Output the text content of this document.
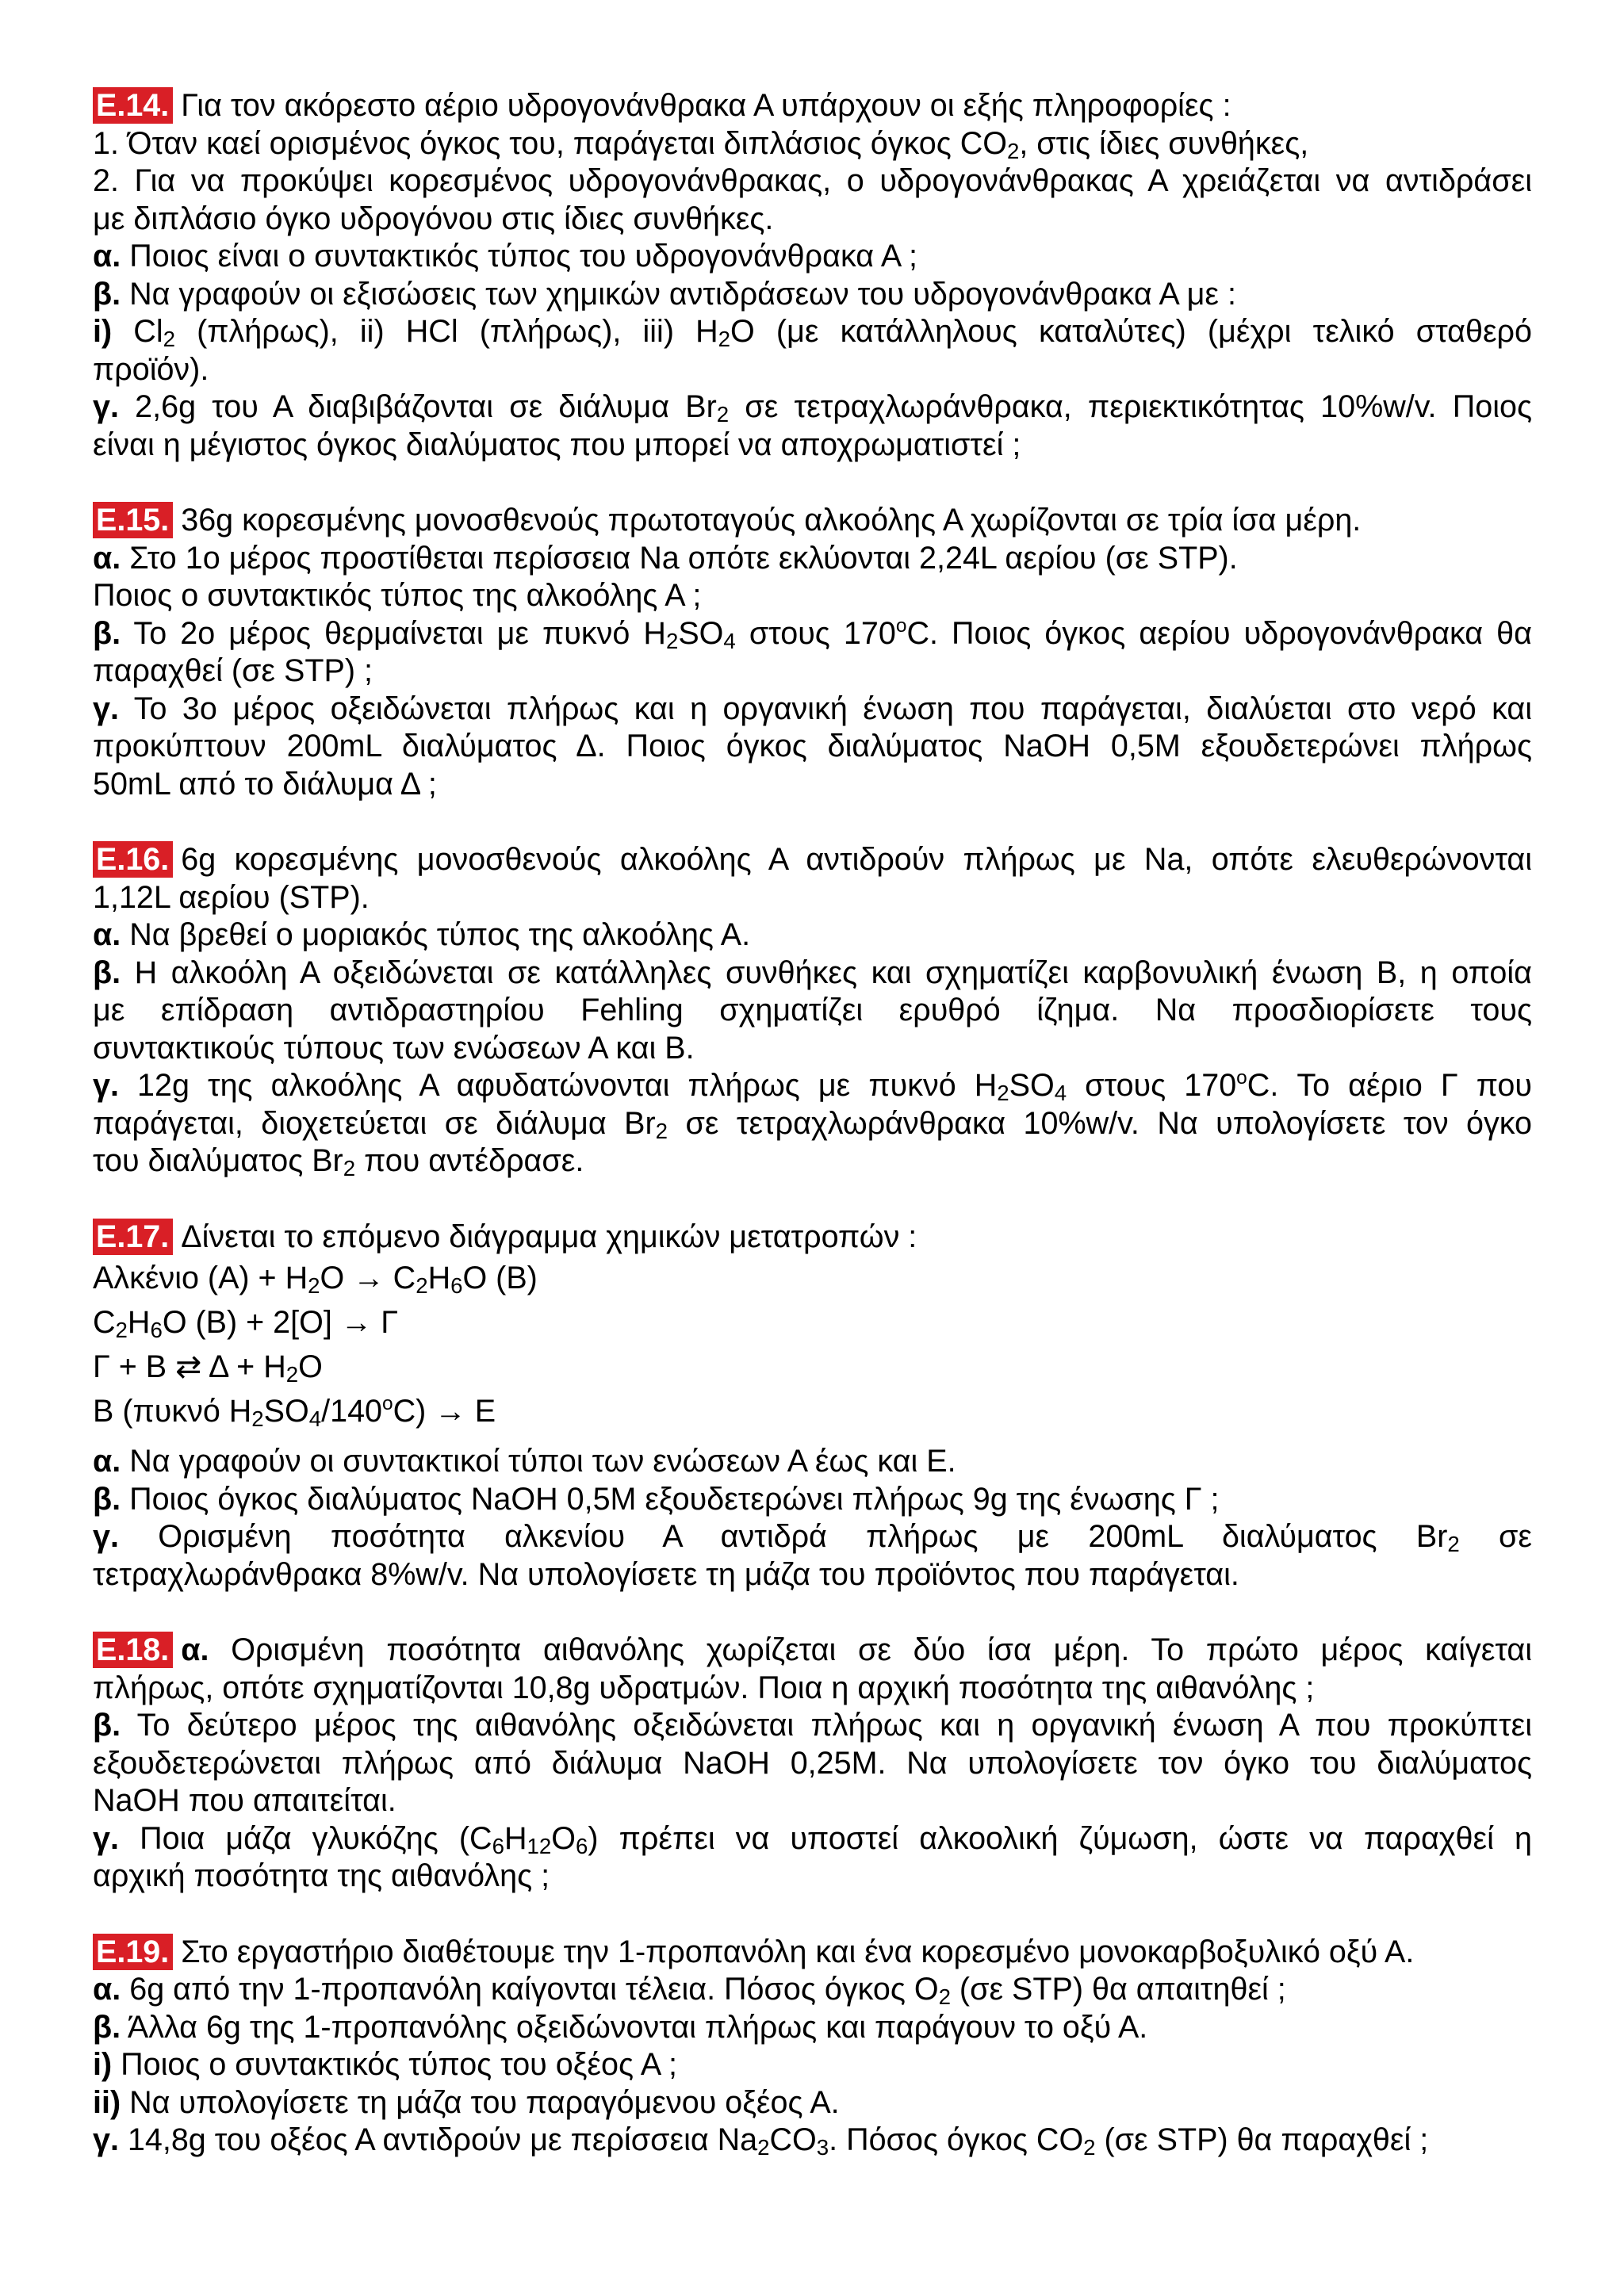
E.14. Για τον ακόρεστο αέριο υδρογονάνθρακα Α υπάρχουν οι εξής πληροφορίες :
1. Όταν καεί ορισμένος όγκος του, παράγεται διπλάσιος όγκος $CO_2$, στις ίδιες συνθήκες,
2. Για να προκύψει κορεσμένος υδρογονάνθρακας, ο υδρογονάνθρακας Α χρειάζεται να αντιδράσει
με διπλάσιο όγκο υδρογόνου στις ίδιες συνθήκες.
α. Ποιος είναι ο συντακτικός τύπος του υδρογονάνθρακα Α ;
β. Να γραφούν οι εξισώσεις των χημικών αντιδράσεων του υδρογονάνθρακα Α με :
i) $Cl_2$ (πλήρως), ii) HCl (πλήρως), iii) $H_2O$ (με κατάλληλους καταλύτες) (μέχρι τελικό σταθερό
προϊόν).
γ. 2,6g του Α διαβιβάζονται σε διάλυμα $Br_2$ σε τετραχλωράνθρακα, περιεκτικότητας 10%w/v. Ποιος
είναι η μέγιστος όγκος διαλύματος που μπορεί να αποχρωματιστεί ;
E.15. 36g κορεσμένης μονοσθενούς πρωτοταγούς αλκοόλης Α χωρίζονται σε τρία ίσα μέρη.
α. Στο 1ο μέρος προστίθεται περίσσεια Na οπότε εκλύονται 2,24L αερίου (σε STP).
Ποιος ο συντακτικός τύπος της αλκοόλης Α ;
β. Το 2ο μέρος θερμαίνεται με πυκνό $H_2SO_4$ στους 170$^o$C. Ποιος όγκος αερίου υδρογονάνθρακα θα
παραχθεί (σε STP) ;
γ. Το 3ο μέρος οξειδώνεται πλήρως και η οργανική ένωση που παράγεται, διαλύεται στο νερό και
προκύπτουν 200mL διαλύματος Δ. Ποιος όγκος διαλύματος NaOH 0,5M εξουδετερώνει πλήρως
50mL από το διάλυμα Δ ;
E.16. 6g κορεσμένης μονοσθενούς αλκοόλης Α αντιδρούν πλήρως με Na, οπότε ελευθερώνονται
1,12L αερίου (STP).
α. Να βρεθεί ο μοριακός τύπος της αλκοόλης Α.
β. Η αλκοόλη Α οξειδώνεται σε κατάλληλες συνθήκες και σχηματίζει καρβονυλική ένωση Β, η οποία
με επίδραση αντιδραστηρίου Fehling σχηματίζει ερυθρό ίζημα. Να προσδιορίσετε τους
συντακτικούς τύπους των ενώσεων Α και Β.
γ. 12g της αλκοόλης Α αφυδατώνονται πλήρως με πυκνό $H_2SO_4$ στους 170$^o$C. Το αέριο Γ που
παράγεται, διοχετεύεται σε διάλυμα $Br_2$ σε τετραχλωράνθρακα 10%w/v. Να υπολογίσετε τον όγκο
του διαλύματος $Br_2$ που αντέδρασε.
E.17. Δίνεται το επόμενο διάγραμμα χημικών μετατροπών :
Αλκένιο $(A) + H_2O \to C_2H_6O$ (Β)
$C_2H_6O$ (Β) + 2[O] → Γ
Γ + Β ⇄ $\Delta + H_2O$
Β (πυκνό $H_2SO_4/140^oC) \to E$
α. Να γραφούν οι συντακτικοί τύποι των ενώσεων Α έως και Ε.
β. Ποιος όγκος διαλύματος NaOH 0,5M εξουδετερώνει πλήρως 9g της ένωσης Γ ;
γ. Ορισμένη ποσότητα αλκενίου Α αντιδρά πλήρως με 200mL διαλύματος $Br_2$ σε
τετραχλωράνθρακα 8%w/v. Να υπολογίσετε τη μάζα του προϊόντος που παράγεται.
E.18. α. Ορισμένη ποσότητα αιθανόλης χωρίζεται σε δύο ίσα μέρη. Το πρώτο μέρος καίγεται
πλήρως, οπότε σχηματίζονται 10,8g υδρατμών. Ποια η αρχική ποσότητα της αιθανόλης ;
β. Το δεύτερο μέρος της αιθανόλης οξειδώνεται πλήρως και η οργανική ένωση Α που προκύπτει
εξουδετερώνεται πλήρως από διάλυμα NaOH 0,25M. Να υπολογίσετε τον όγκο του διαλύματος
NaOH που απαιτείται.
γ. Ποια μάζα γλυκόζης $(C_6H_{12}O_6)$ πρέπει να υποστεί αλκοολική ζύμωση, ώστε να παραχθεί η
αρχική ποσότητα της αιθανόλης ;
E.19. Στο εργαστήριο διαθέτουμε την 1-προπανόλη και ένα κορεσμένο μονοκαρβοξυλικό οξύ Α.
α. 6g από την 1-προπανόλη καίγονται τέλεια. Πόσος όγκος $O_2$ (σε STP) θα απαιτηθεί ;
β. Άλλα 6g της 1-προπανόλης οξειδώνονται πλήρως και παράγουν το οξύ Α.
i) Ποιος ο συντακτικός τύπος του οξέος Α ;
ii) Να υπολογίσετε τη μάζα του παραγόμενου οξέος Α.
γ. 14,8g του οξέος Α αντιδρούν με περίσσεια $Na_2CO_3$. Πόσος όγκος $CO_2$ (σε STP) θα παραχθεί ;
